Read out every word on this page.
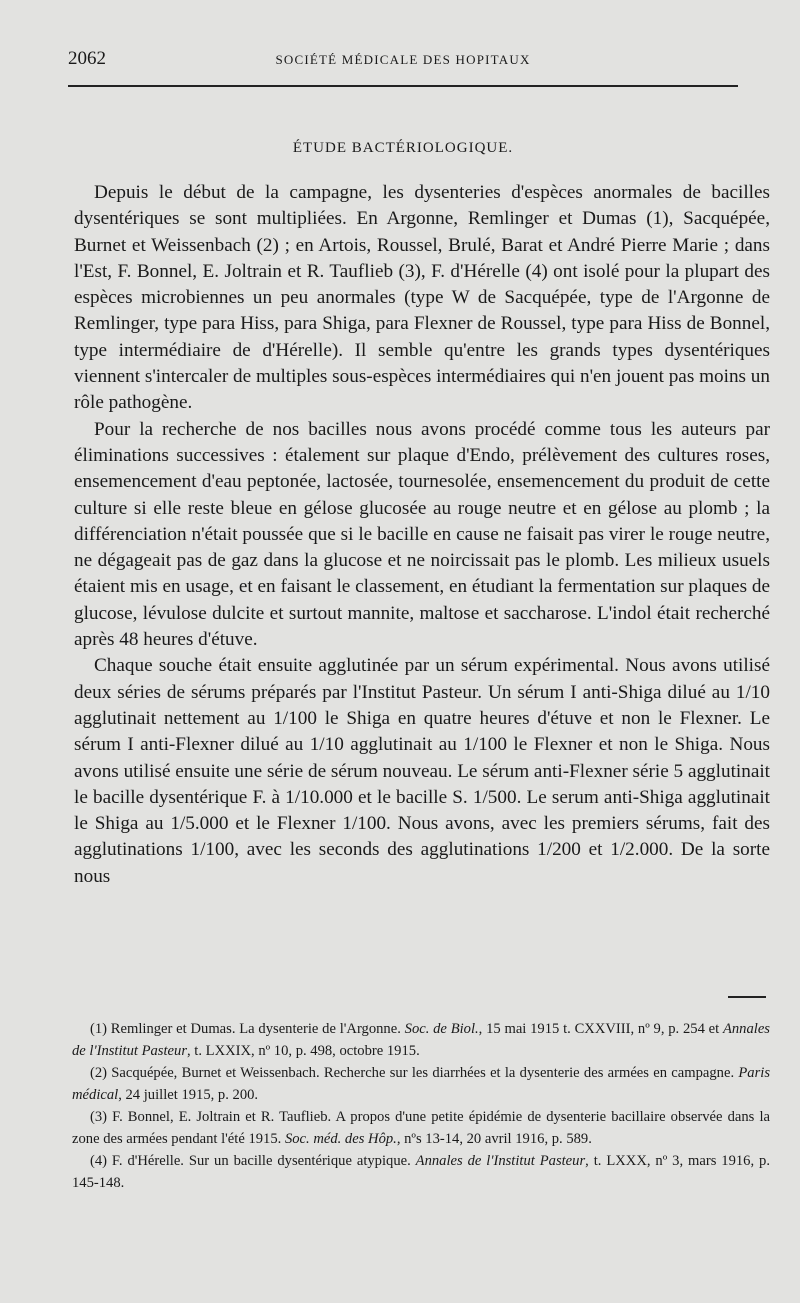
2062	SOCIÉTÉ MÉDICALE DES HOPITAUX
ÉTUDE BACTÉRIOLOGIQUE.

Depuis le début de la campagne, les dysenteries d'espèces anormales de bacilles dysentériques se sont multipliées. En Argonne, Remlinger et Dumas (1), Sacquépée, Burnet et Weissenbach (2) ; en Artois, Roussel, Brulé, Barat et André Pierre Marie ; dans l'Est, F. Bonnel, E. Joltrain et R. Tauflieb (3), F. d'Hérelle (4) ont isolé pour la plupart des espèces microbiennes un peu anormales (type W de Sacquépée, type de l'Argonne de Remlinger, type para Hiss, para Shiga, para Flexner de Roussel, type para Hiss de Bonnel, type intermédiaire de d'Hérelle). Il semble qu'entre les grands types dysentériques viennent s'intercaler de multiples sous-espèces intermédiaires qui n'en jouent pas moins un rôle pathogène.

Pour la recherche de nos bacilles nous avons procédé comme tous les auteurs par éliminations successives : étalement sur plaque d'Endo, prélèvement des cultures roses, ensemencement d'eau peptonée, lactosée, tournesolée, ensemencement du produit de cette culture si elle reste bleue en gélose glucosée au rouge neutre et en gélose au plomb ; la différenciation n'était poussée que si le bacille en cause ne faisait pas virer le rouge neutre, ne dégageait pas de gaz dans la glucose et ne noircissait pas le plomb. Les milieux usuels étaient mis en usage, et en faisant le classement, en étudiant la fermentation sur plaques de glucose, lévulose dulcite et surtout mannite, maltose et saccharose. L'indol était recherché après 48 heures d'étuve.

Chaque souche était ensuite agglutinée par un sérum expérimental. Nous avons utilisé deux séries de sérums préparés par l'Institut Pasteur. Un sérum I anti-Shiga dilué au 1/10 agglutinait nettement au 1/100 le Shiga en quatre heures d'étuve et non le Flexner. Le sérum I anti-Flexner dilué au 1/10 agglutinait au 1/100 le Flexner et non le Shiga. Nous avons utilisé ensuite une série de sérum nouveau. Le sérum anti-Flexner série 5 agglutinait le bacille dysentérique F. à 1/10.000 et le bacille S. 1/500. Le serum anti-Shiga agglutinait le Shiga au 1/5.000 et le Flexner 1/100. Nous avons, avec les premiers sérums, fait des agglutinations 1/100, avec les seconds des agglutinations 1/200 et 1/2.000. De la sorte nous

(1) Remlinger et Dumas. La dysenterie de l'Argonne. Soc. de Biol., 15 mai 1915 t. CXXVIII, nº 9, p. 254 et Annales de l'Institut Pasteur, t. LXXIX, nº 10, p. 498, octobre 1915.

(2) Sacquépée, Burnet et Weissenbach. Recherche sur les diarrhées et la dysenterie des armées en campagne. Paris médical, 24 juillet 1915, p. 200.

(3) F. Bonnel, E. Joltrain et R. Tauflieb. A propos d'une petite épidémie de dysenterie bacillaire observée dans la zone des armées pendant l'été 1915. Soc. méd. des Hôp., nºs 13-14, 20 avril 1916, p. 589.

(4) F. d'Hérelle. Sur un bacille dysentérique atypique. Annales de l'Institut Pasteur, t. LXXX, nº 3, mars 1916, p. 145-148.
